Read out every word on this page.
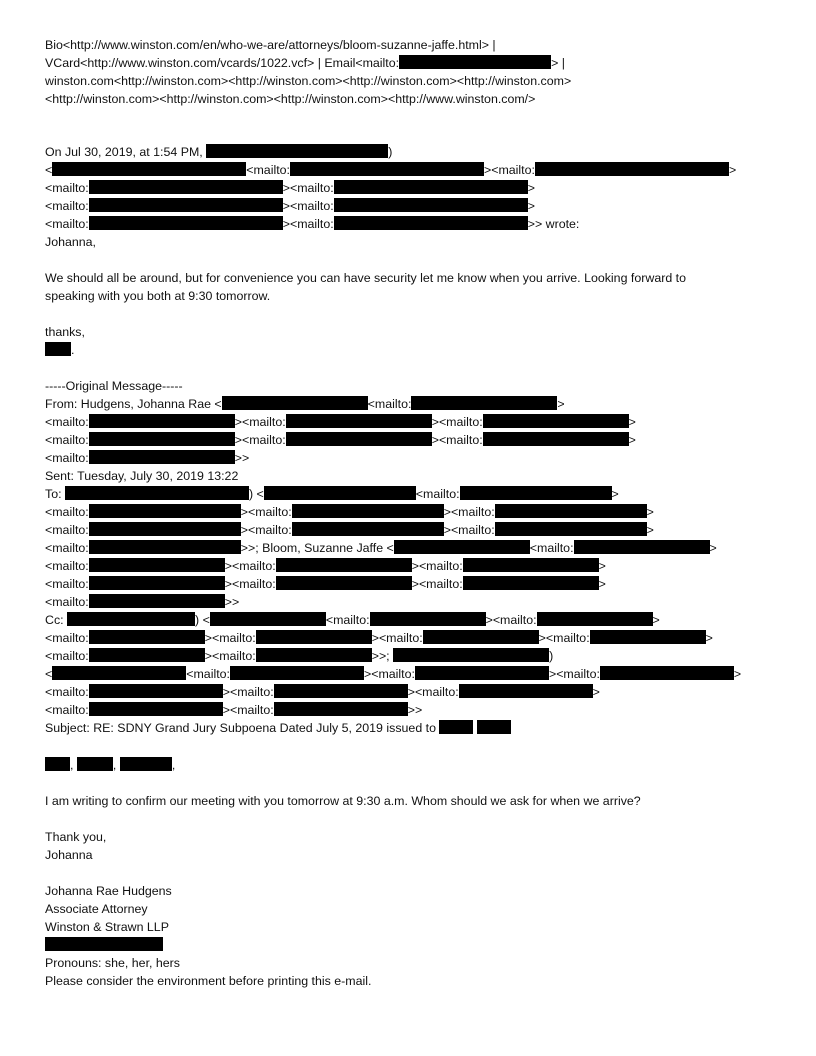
Bio<http://www.winston.com/en/who-we-are/attorneys/bloom-suzanne-jaffe.html> |
VCard<http://www.winston.com/vcards/1022.vcf> | Email<mailto:	> |
winston.com<http://winston.com><http://winston.com><http://winston.com><http://winston.com>
<http://winston.com><http://winston.com><http://winston.com><http://www.winston.com/>
On Jul 30, 2019, at 1:54 PM,	)
<	<mailto:	><mailto:	>
<mailto:	><mailto:	>
<mailto:	><mailto:	>
<mailto:	><mailto:	>> wrote:
Johanna,
We should all be around, but for convenience you can have security let me know when you arrive. Looking forward to
speaking with you both at 9:30 tomorrow.
thanks,
.
-----Original Message-----
From: Hudgens, Johanna Rae <	<mailto:	>
<mailto:	><mailto:	><mailto:	>
<mailto:	><mailto:	><mailto:	>
<mailto:	>>
Sent: Tuesday, July 30, 2019 13:22
To:	) <	<mailto:	>
<mailto:	><mailto:	><mailto:	>
<mailto:	><mailto:	><mailto:	>
<mailto:	>>; Bloom, Suzanne Jaffe <	<mailto:	>
<mailto:	><mailto:	><mailto:	>
<mailto:	><mailto:	><mailto:	>
<mailto:	>>
Cc:	) <	<mailto:	><mailto:	>
<mailto:	><mailto:	><mailto:	><mailto:	>
<mailto:	><mailto:	>>;	)
<	<mailto:	><mailto:	><mailto:	>
<mailto:	><mailto:	><mailto:	>
<mailto:	><mailto:	>>
Subject: RE: SDNY Grand Jury Subpoena Dated July 5, 2019 issued to
,	,	,
I am writing to confirm our meeting with you tomorrow at 9:30 a.m. Whom should we ask for when we arrive?
Thank you,
Johanna
Johanna Rae Hudgens
Associate Attorney
Winston & Strawn LLP
Pronouns: she, her, hers
Please consider the environment before printing this e-mail.
